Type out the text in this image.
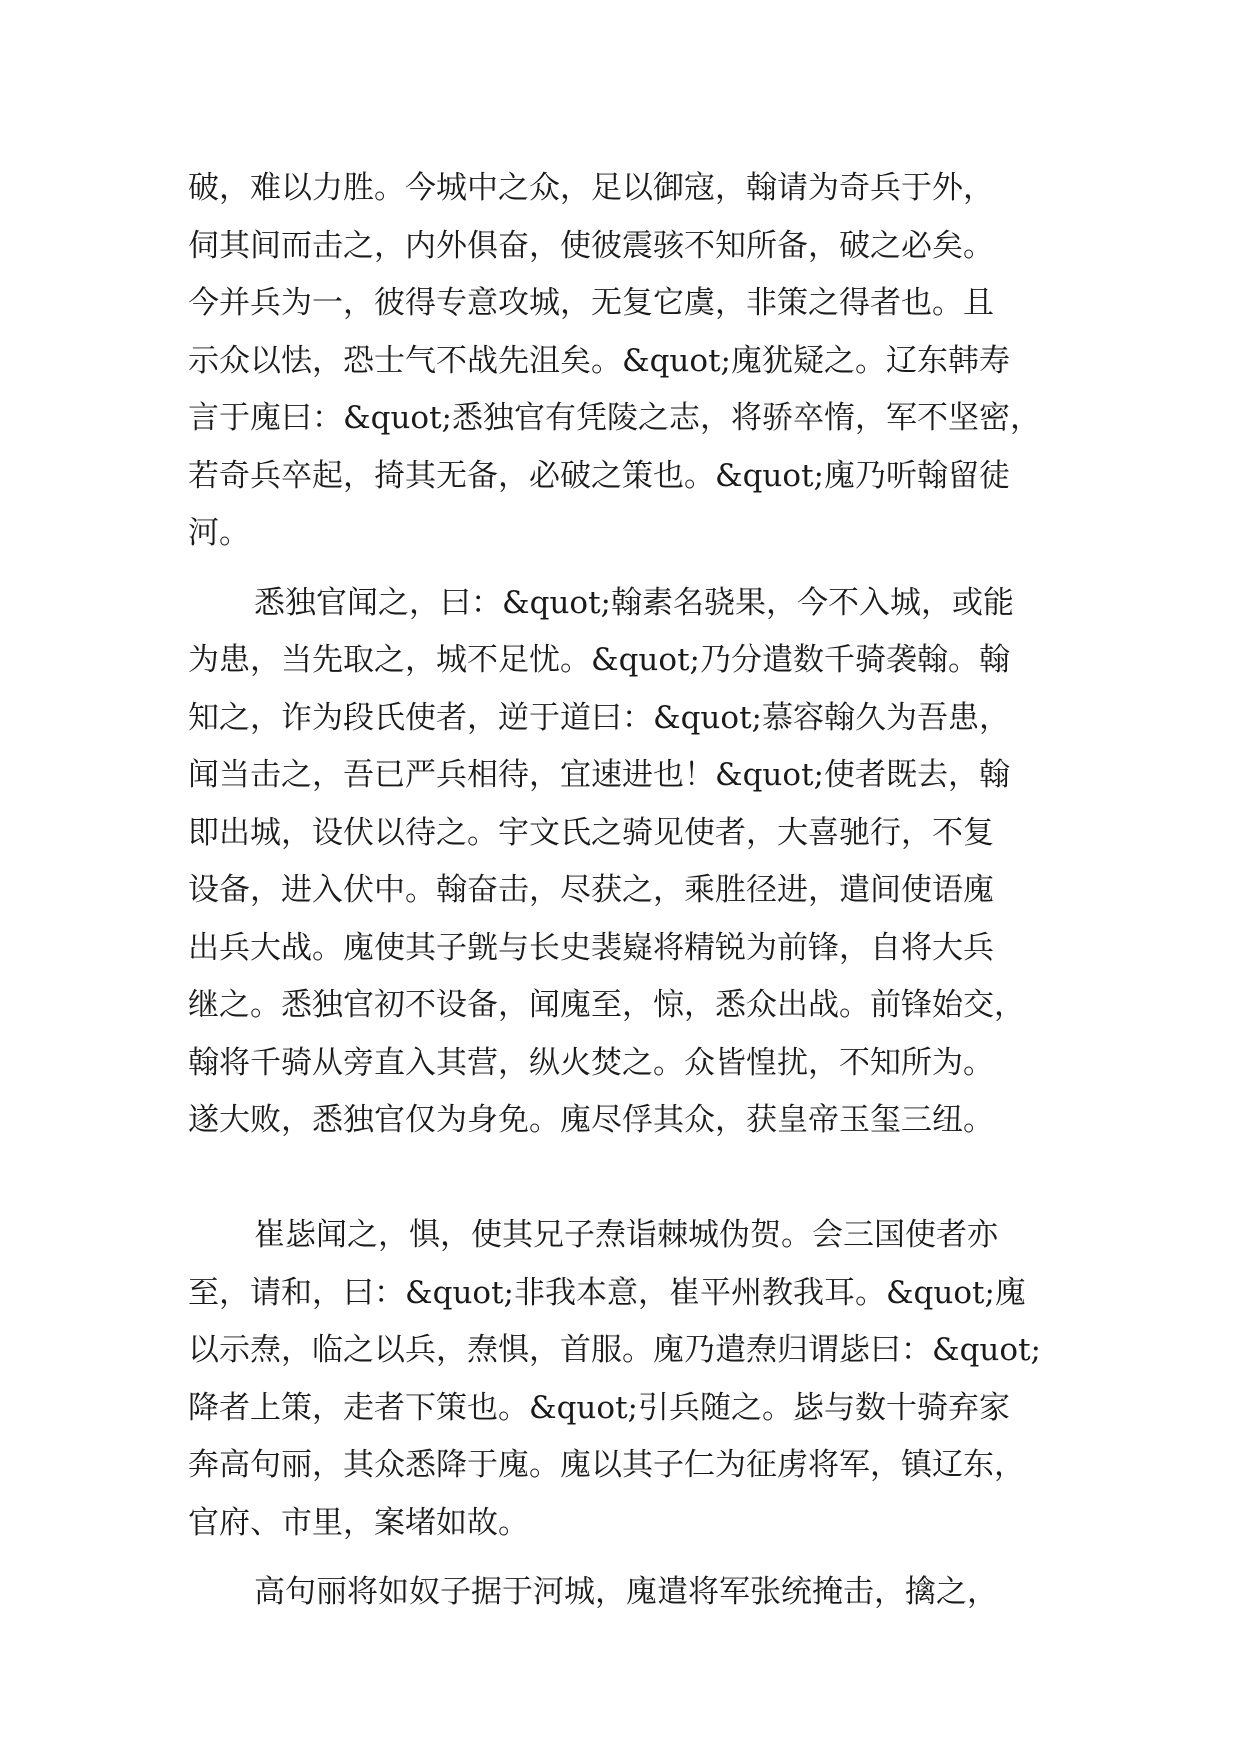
破，难以力胜。今城中之众，足以御寇，翰请为奇兵于外，
伺其间而击之，内外俱奋，使彼震骇不知所备，破之必矣。
今并兵为一，彼得专意攻城，无复它虞，非策之得者也。且
示众以怯，恐士气不战先沮矣。&quot;廆犹疑之。辽东韩寿
言于廆曰：&quot;悉独官有凭陵之志，将骄卒惰，军不坚密，
若奇兵卒起，掎其无备，必破之策也。&quot;廆乃听翰留徒
河。
悉独官闻之，曰：&quot;翰素名骁果，今不入城，或能
为患，当先取之，城不足忧。&quot;乃分遣数千骑袭翰。翰
知之，诈为段氏使者，逆于道曰：&quot;慕容翰久为吾患，
闻当击之，吾已严兵相待，宜速进也！&quot;使者既去，翰
即出城，设伏以待之。宇文氏之骑见使者，大喜驰行，不复
设备，进入伏中。翰奋击，尽获之，乘胜径进，遣间使语廆
出兵大战。廆使其子皝与长史裴嶷将精锐为前锋，自将大兵
继之。悉独官初不设备，闻廆至，惊，悉众出战。前锋始交，
翰将千骑从旁直入其营，纵火焚之。众皆惶扰，不知所为。
遂大败，悉独官仅为身免。廆尽俘其众，获皇帝玉玺三纽。
崔毖闻之，惧，使其兄子焘诣棘城伪贺。会三国使者亦
至，请和，曰：&quot;非我本意，崔平州教我耳。&quot;廆
以示焘，临之以兵，焘惧，首服。廆乃遣焘归谓毖曰：&quot;
降者上策，走者下策也。&quot;引兵随之。毖与数十骑弃家
奔高句丽，其众悉降于廆。廆以其子仁为征虏将军，镇辽东，
官府、市里，案堵如故。
高句丽将如奴子据于河城，廆遣将军张统掩击，擒之，
